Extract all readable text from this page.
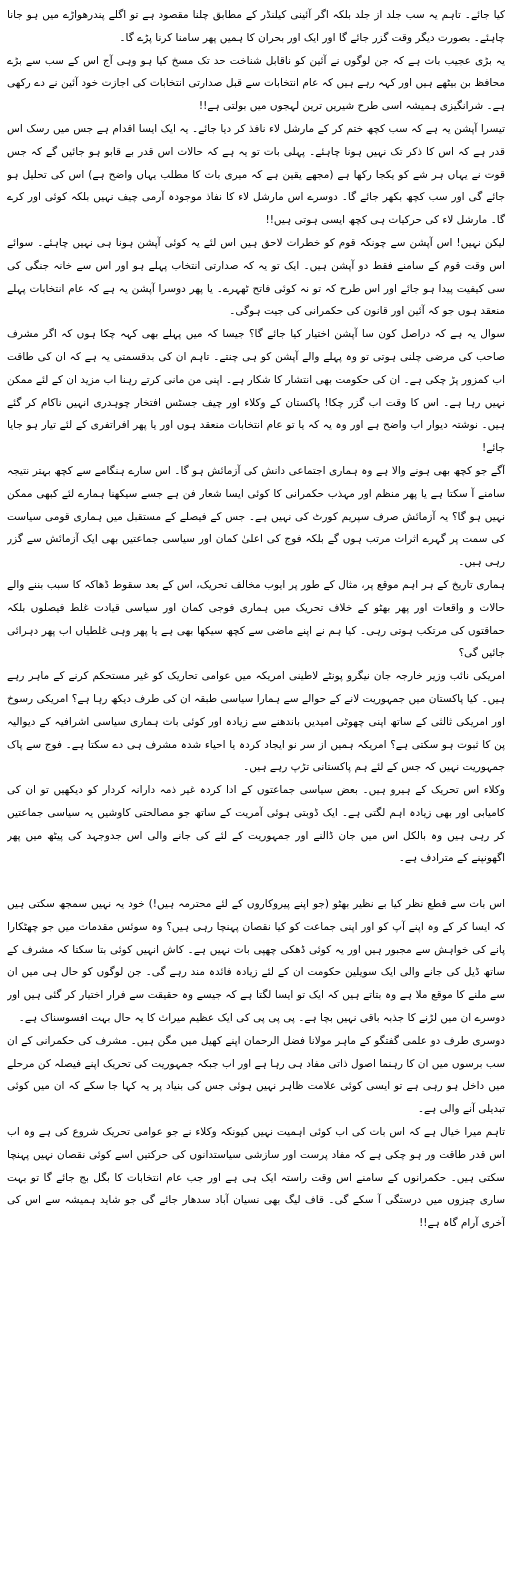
کیا جائے۔ تاہم یہ سب جلد از جلد بلکہ اگر آئینی کیلنڈر کے مطابق چلنا مقصود ہے تو اگلے پندرھواڑے میں ہو جانا چاہئے۔ بصورت دیگر وقت گزر جائے گا اور ایک اور بحران کا ہمیں پھر سامنا کرنا پڑے گا۔

یہ بڑی عجیب بات ہے کہ جن لوگوں نے آئین کو ناقابل شناخت حد تک مسخ کیا ہو وہی آج اس کے سب سے بڑے محافظ بن بیٹھے ہیں اور کہہ رہے ہیں کہ عام انتخابات سے قبل صدارتی انتخابات کی اجازت خود آئین نے دے رکھی ہے۔ شرانگیزی ہمیشہ اسی طرح شیریں ترین لہجوں میں بولتی ہے!!

تیسرا آپشن یہ ہے کہ سب کچھ ختم کر کے مارشل لاء نافذ کر دیا جائے۔ یہ ایک ایسا اقدام ہے جس میں رسک اس قدر ہے کہ اس کا ذکر تک نہیں ہونا چاہئے۔ پہلی بات تو یہ ہے کہ حالات اس قدر بے قابو ہو جائیں گے کہ جس قوت نے یہاں ہر شے کو یکجا رکھا ہے (مجھے یقین ہے کہ میری بات کا مطلب یہاں واضح ہے) اس کی تحلیل ہو جائے گی اور سب کچھ بکھر جائے گا۔ دوسرے اس مارشل لاء کا نفاذ موجودہ آرمی چیف نہیں بلکہ کوئی اور کرے گا۔ مارشل لاء کی حرکیات ہی کچھ ایسی ہوتی ہیں!!

لیکن نہیں! اس آپشن سے چونکہ قوم کو خطرات لاحق ہیں اس لئے یہ کوئی آپشن ہونا ہی نہیں چاہئے۔ سوائے اس وقت قوم کے سامنے فقط دو آپشن ہیں۔ ایک تو یہ کہ صدارتی انتخاب پہلے ہو اور اس سے خانہ جنگی کی سی کیفیت پیدا ہو جائے اور اس طرح کہ تو نہ کوئی فاتح ٹھہرے۔ یا پھر دوسرا آپشن یہ ہے کہ عام انتخابات پہلے منعقد ہوں جو کہ آئین اور قانون کی حکمرانی کی جیت ہوگی۔

سوال یہ ہے کہ دراصل کون سا آپشن اختیار کیا جائے گا؟ جیسا کہ میں پہلے بھی کہہ چکا ہوں کہ اگر مشرف صاحب کی مرضی چلنی ہوتی تو وہ پہلے والے آپشن کو ہی چنتے۔ تاہم ان کی بدقسمتی یہ ہے کہ ان کی طاقت اب کمزور پڑ چکی ہے۔ ان کی حکومت بھی انتشار کا شکار ہے۔ اپنی من مانی کرتے رہنا اب مزید ان کے لئے ممکن نہیں رہا ہے۔ اس کا وقت اب گزر چکا! پاکستان کے وکلاء اور چیف جسٹس افتخار چوہدری انہیں ناکام کر گئے ہیں۔ نوشتہ دیوار اب واضح ہے اور وہ یہ کہ یا تو عام انتخابات منعقد ہوں اور یا پھر افراتفری کے لئے تیار ہو جایا جائے!

آگے جو کچھ بھی ہونے والا ہے وہ ہماری اجتماعی دانش کی آزمائش ہو گا۔ اس سارے ہنگامے سے کچھ بہتر نتیجہ سامنے آ سکتا ہے یا پھر منظم اور مہذب حکمرانی کا کوئی ایسا شعار فن ہے جسے سیکھنا ہمارے لئے کبھی ممکن نہیں ہو گا؟ یہ آزمائش صرف سپریم کورٹ کی نہیں ہے۔ جس کے فیصلے کے مستقبل میں ہماری قومی سیاست کی سمت پر گہرے اثرات مرتب ہوں گے بلکہ فوج کی اعلیٰ کمان اور سیاسی جماعتیں بھی ایک آزمائش سے گزر رہی ہیں۔

ہماری تاریخ کے ہر اہم موقع پر، مثال کے طور پر ایوب مخالف تحریک، اس کے بعد سقوط ڈھاکہ کا سبب بننے والے حالات و واقعات اور پھر بھٹو کے خلاف تحریک میں ہماری فوجی کمان اور سیاسی قیادت غلط فیصلوں بلکہ حماقتوں کی مرتکب ہوتی رہی۔ کیا ہم نے اپنے ماضی سے کچھ سیکھا بھی ہے یا پھر وہی غلطیاں اب پھر دہرائی جائیں گی؟

امریکی نائب وزیر خارجہ جان نیگرو پونٹے لاطینی امریکہ میں عوامی تحاریک کو غیر مستحکم کرنے کے ماہر رہے ہیں۔ کیا پاکستان میں جمہوریت لانے کے حوالے سے ہمارا سیاسی طبقہ ان کی طرف دیکھ رہا ہے؟ امریکی رسوخ اور امریکی ثالثی کے ساتھ اپنی چھوٹی امیدیں باندھنے سے زیادہ اور کوئی بات ہماری سیاسی اشرافیہ کے دیوالیہ پن کا ثبوت ہو سکتی ہے؟ امریکہ ہمیں از سر نو ایجاد کردہ یا احیاء شدہ مشرف ہی دے سکتا ہے۔ فوج سے پاک جمہوریت نہیں کہ جس کے لئے ہم پاکستانی تڑپ رہے ہیں۔

وکلاء اس تحریک کے ہیرو ہیں۔ بعض سیاسی جماعتوں کے ادا کردہ غیر ذمہ دارانہ کردار کو دیکھیں تو ان کی کامیابی اور بھی زیادہ اہم لگتی ہے۔ ایک ڈوبتی ہوئی آمریت کے ساتھ جو مصالحتی کاوشیں یہ سیاسی جماعتیں کر رہی ہیں وہ بالکل اس میں جان ڈالنے اور جمہوریت کے لئے کی جانے والی اس جدوجہد کی پیٹھ میں پھر اگھونپنے کے مترادف ہے۔

اس بات سے قطع نظر کیا بے نظیر بھٹو (جو اپنے پیروکاروں کے لئے محترمہ ہیں!) خود یہ نہیں سمجھ سکتی ہیں کہ ایسا کر کے وہ اپنے آپ کو اور اپنی جماعت کو کیا نقصان پہنچا رہی ہیں؟ وہ سوئس مقدمات میں جو چھٹکارا پانے کی خواہش سے مجبور ہیں اور یہ کوئی ڈھکی چھپی بات نہیں ہے۔ کاش انہیں کوئی بتا سکتا کہ مشرف کے ساتھ ڈیل کی جانے والی ایک سویلین حکومت ان کے لئے زیادہ فائدہ مند رہے گی۔ جن لوگوں کو حال ہی میں ان سے ملنے کا موقع ملا ہے وہ بتاتے ہیں کہ ایک تو ایسا لگتا ہے کہ جیسے وہ حقیقت سے فرار اختیار کر گئی ہیں اور دوسرے ان میں لڑنے کا جذبہ باقی نہیں بچا ہے۔ پی پی پی کی ایک عظیم میراث کا یہ حال بہت افسوسناک ہے۔

دوسری طرف دو علمی گفتگو کے ماہر مولانا فضل الرحمان اپنے کھیل میں مگن ہیں۔ مشرف کی حکمرانی کے ان سب برسوں میں ان کا رہنما اصول ذاتی مفاد ہی رہا ہے اور اب جبکہ جمہوریت کی تحریک اپنے فیصلہ کن مرحلے میں داخل ہو رہی ہے تو ایسی کوئی علامت ظاہر نہیں ہوئی جس کی بنیاد پر یہ کہا جا سکے کہ ان میں کوئی تبدیلی آنے والی ہے۔

تاہم میرا خیال ہے کہ اس بات کی اب کوئی اہمیت نہیں کیونکہ وکلاء نے جو عوامی تحریک شروع کی ہے وہ اب اس قدر طاقت ور ہو چکی ہے کہ مفاد پرست اور سازشی سیاستدانوں کی حرکتیں اسے کوئی نقصان نہیں پہنچا سکتی ہیں۔ حکمرانوں کے سامنے اس وقت راستہ ایک ہی ہے اور جب عام انتخابات کا بگل بج جائے گا تو بہت ساری چیزوں میں درستگی آ سکے گی۔ قاف لیگ بھی نسیان آباد سدھار جائے گی جو شاید ہمیشہ سے اس کی آخری آرام گاہ ہے!!
